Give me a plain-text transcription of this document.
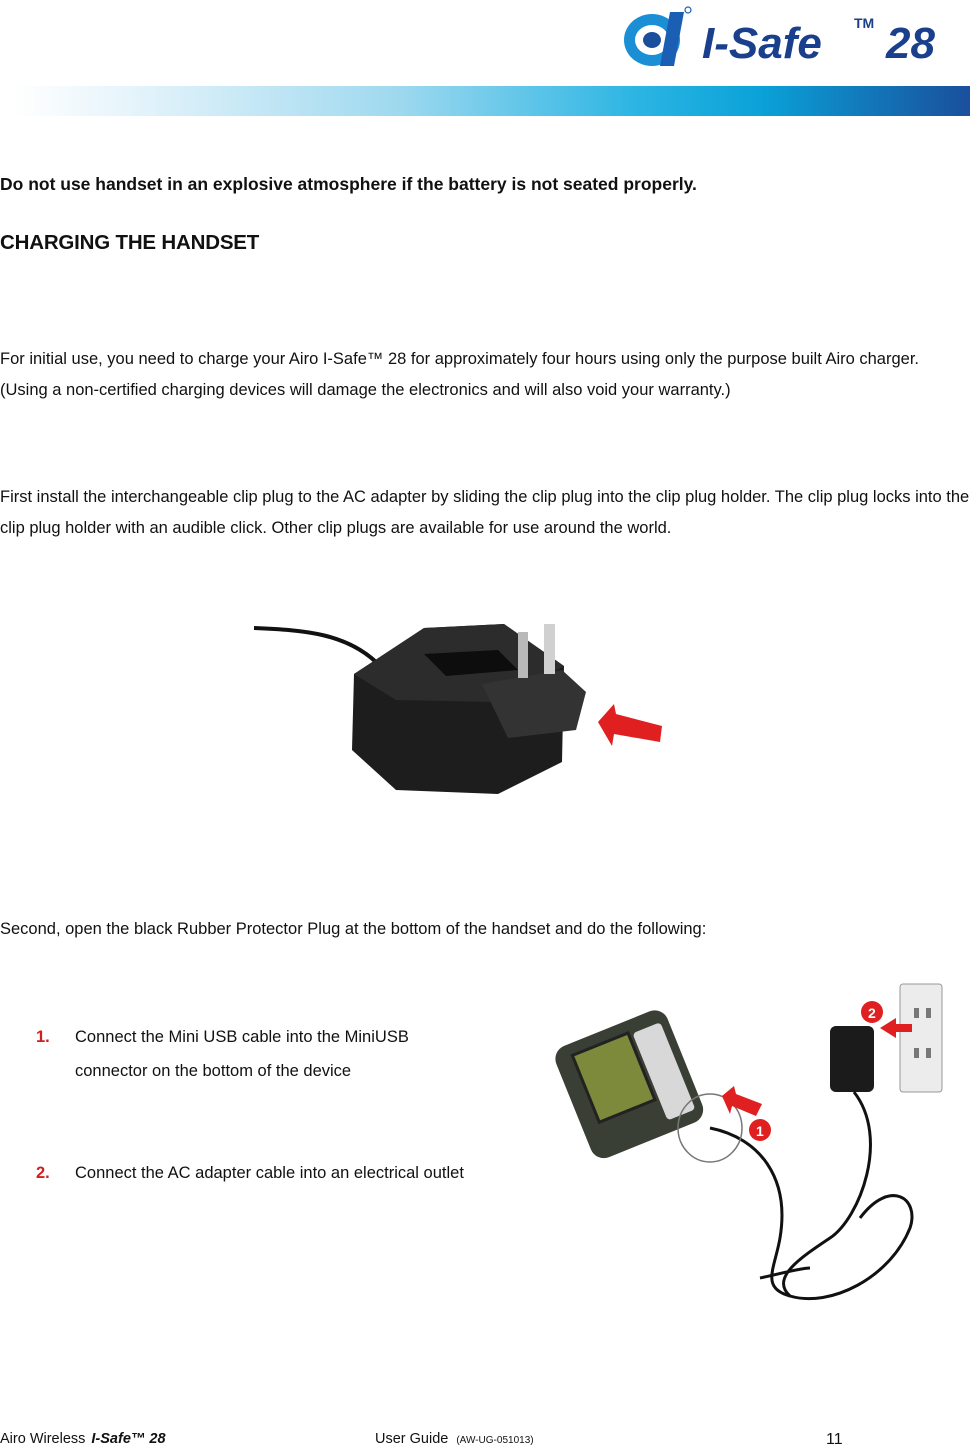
I-Safe TM 28
Do not use handset in an explosive atmosphere if the battery is not seated properly.
CHARGING THE HANDSET
For initial use, you need to charge your Airo I-Safe™ 28 for approximately four hours using only the purpose built Airo charger. (Using a non-certified charging devices will damage the electronics and will also void your warranty.)
First install the interchangeable clip plug to the AC adapter by sliding the clip plug into the clip plug holder. The clip plug locks into the clip plug holder with an audible click. Other clip plugs are available for use around the world.
Second, open the black Rubber Protector Plug at the bottom of the handset and do the following:
1. Connect the Mini USB cable into the MiniUSB connector on the bottom of the device
2. Connect the AC adapter cable into an electrical outlet
1
2
Airo Wireless I-Safe™ 28	User Guide (AW-UG-051013)	11
